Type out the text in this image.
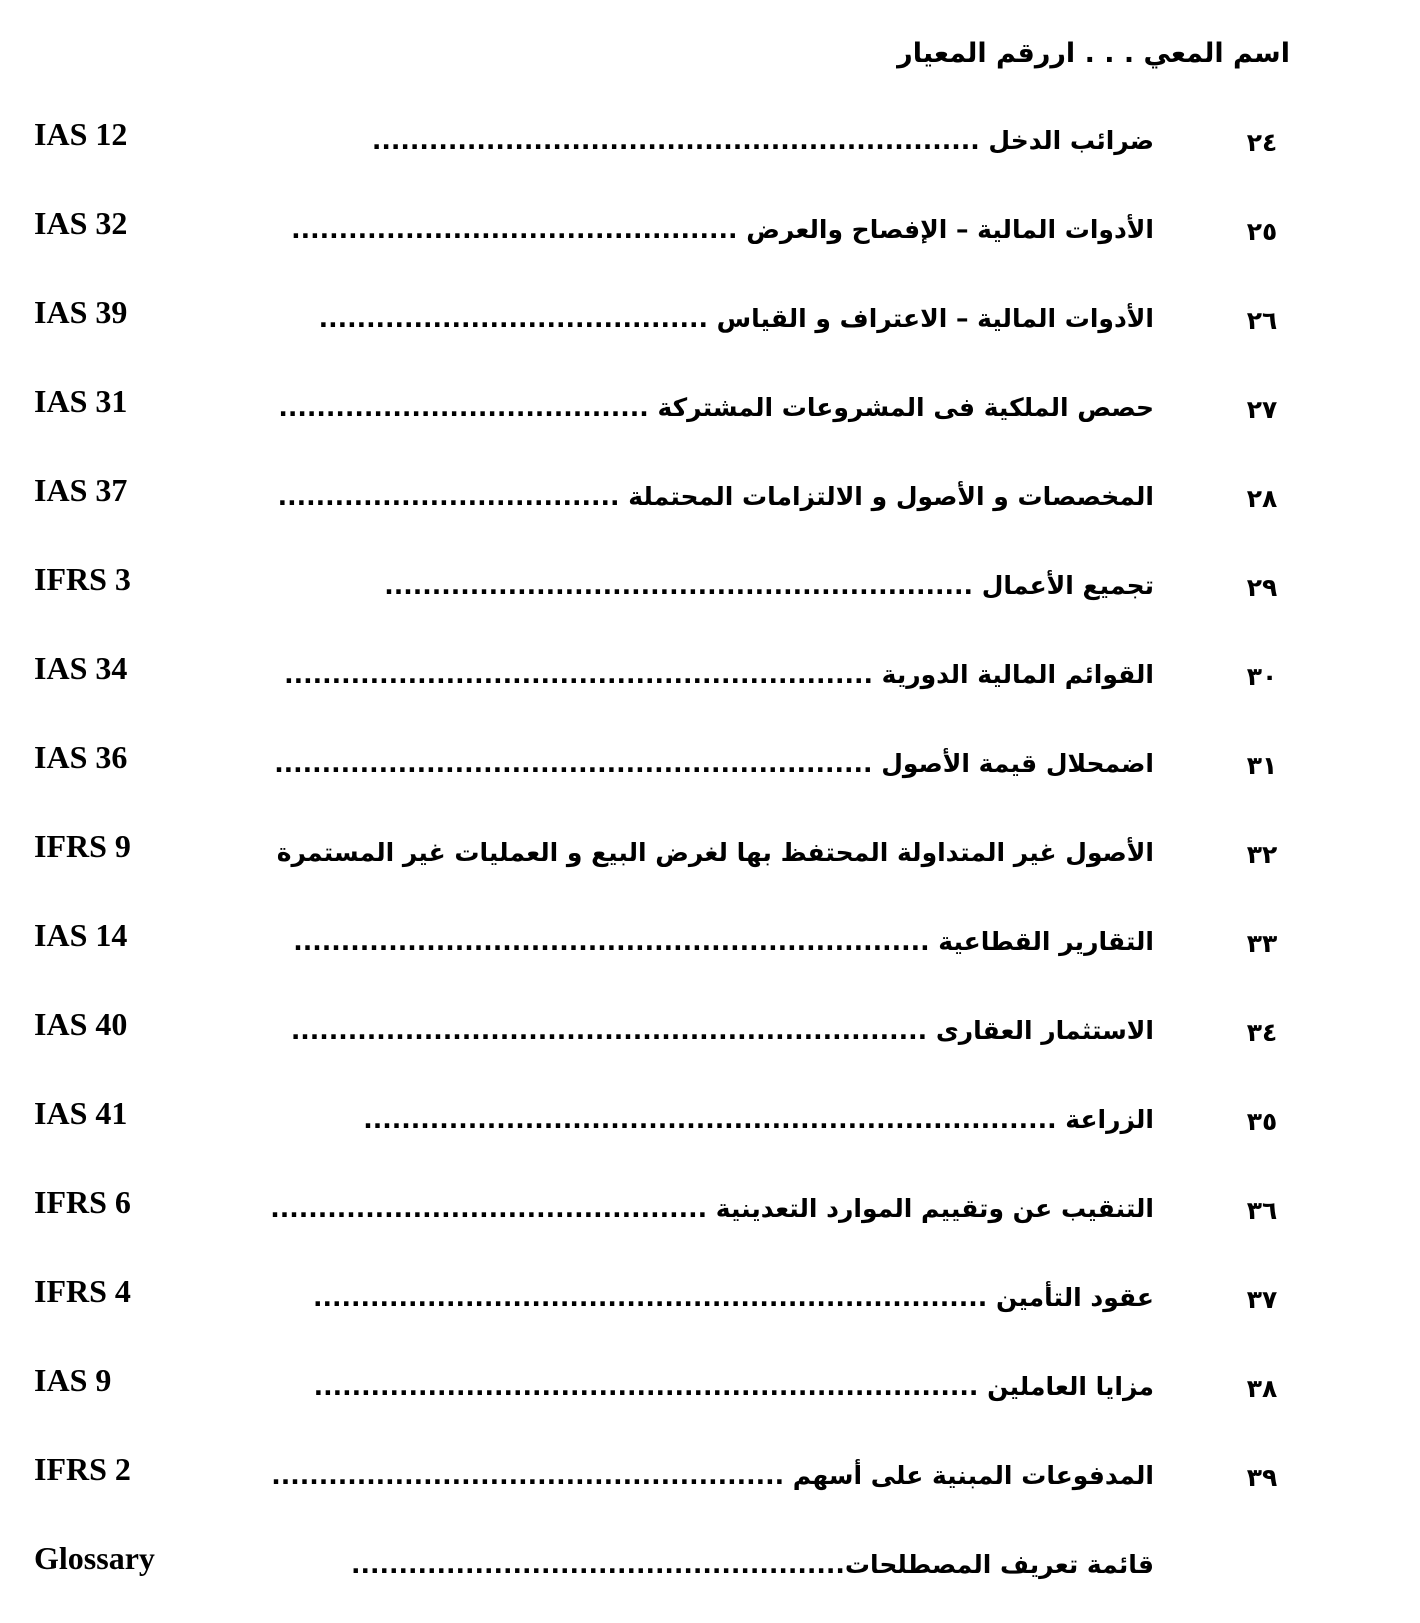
رقم المعيار اسم المعي . . . ار
IAS 12	ضرائب الدخل ................................................................	٢٤
IAS 32	الأدوات المالية – الإفصاح والعرض ...............................................	٢٥
IAS 39	الأدوات المالية – الاعتراف و القياس .........................................	٢٦
IAS 31	حصص الملكية فى المشروعات المشتركة .......................................	٢٧
IAS 37	المخصصات و الأصول و الالتزامات المحتملة ....................................	٢٨
IFRS 3	تجميع الأعمال ..............................................................	٢٩
IAS 34	القوائم المالية الدورية ..............................................................	٣٠
IAS 36	اضمحلال قيمة الأصول ...............................................................	٣١
IFRS 9	الأصول غير المتداولة المحتفظ بها لغرض البيع و العمليات غير المستمرة	٣٢
IAS 14	التقارير القطاعية ...................................................................	٣٣
IAS 40	الاستثمار العقارى ...................................................................	٣٤
IAS 41	الزراعة .........................................................................	٣٥
IFRS 6	التنقيب عن وتقييم الموارد التعدينية ..............................................	٣٦
IFRS 4	عقود التأمين .......................................................................	٣٧
IAS 9	مزايا العاملين ......................................................................	٣٨
IFRS 2	المدفوعات المبنية على أسهم ......................................................	٣٩
Glossary	قائمة تعريف المصطلحات....................................................
